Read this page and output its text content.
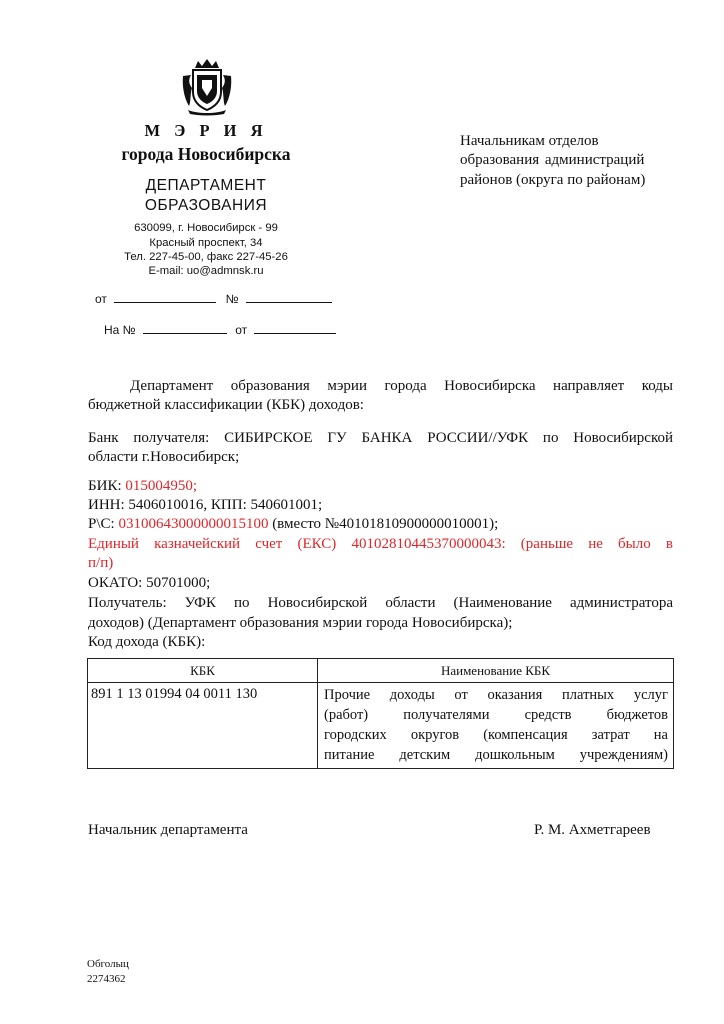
М Э Р И Я
города Новосибирска
ДЕПАРТАМЕНТ
ОБРАЗОВАНИЯ
630099, г. Новосибирск - 99
Красный проспект, 34
Тел. 227-45-00, факс 227-45-26
E-mail: uo@admnsk.ru
от	№
На №	от
Начальникам отделов
образования администраций
районов (округа по районам)
Департамент образования мэрии города Новосибирска направляет коды
бюджетной классификации (КБК) доходов:
Банк получателя: СИБИРСКОЕ ГУ БАНКА РОССИИ//УФК по Новосибирской
области г.Новосибирск;
БИК: 015004950;
ИНН: 5406010016, КПП: 540601001;
Р\С: 03100643000000015100 (вместо №40101810900000010001);
Единый казначейский счет (ЕКС) 40102810445370000043: (раньше не было в
п/п)
ОКАТО: 50701000;
Получатель: УФК по Новосибирской области (Наименование администратора
доходов) (Департамент образования мэрии города Новосибирска);
Код дохода (КБК):
КБК	Наименование КБК
891 1 13 01994 04 0011 130	Прочие доходы от оказания платных услуг
(работ) получателями средств бюджетов
городских округов (компенсация затрат на
питание детским дошкольным учреждениям)
Начальник департамента	Р. М. Ахметгареев
Обголыц
2274362
